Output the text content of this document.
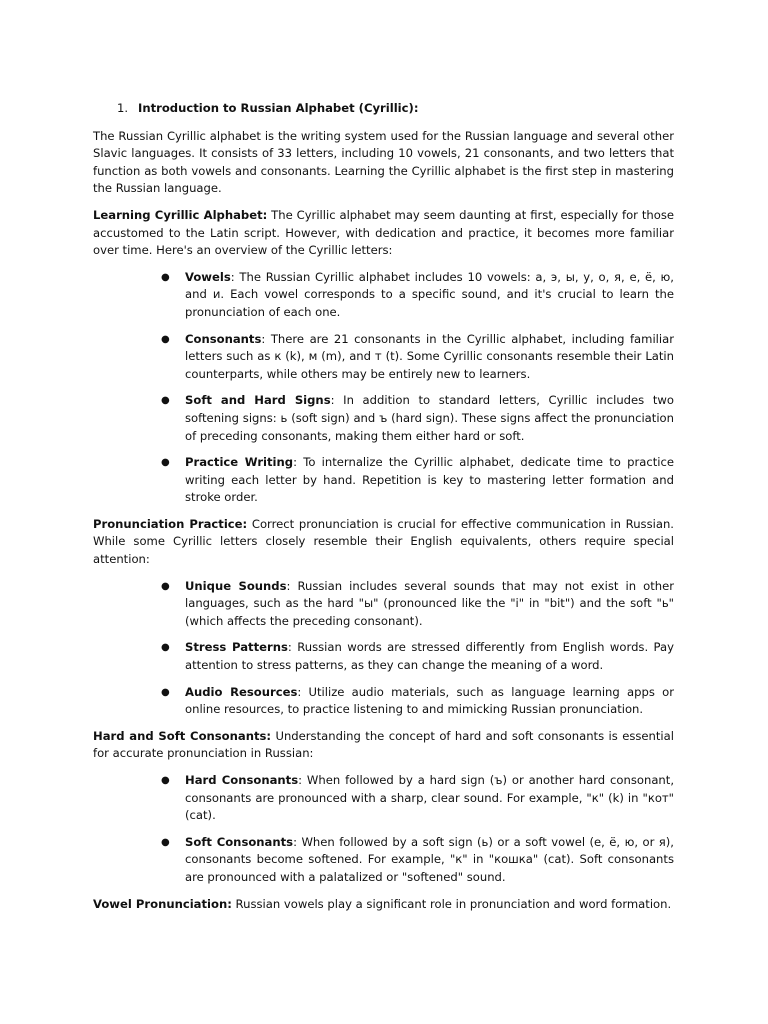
1. Introduction to Russian Alphabet (Cyrillic):

The Russian Cyrillic alphabet is the writing system used for the Russian language and several other Slavic languages. It consists of 33 letters, including 10 vowels, 21 consonants, and two letters that function as both vowels and consonants. Learning the Cyrillic alphabet is the first step in mastering the Russian language.

Learning Cyrillic Alphabet: The Cyrillic alphabet may seem daunting at first, especially for those accustomed to the Latin script. However, with dedication and practice, it becomes more familiar over time. Here's an overview of the Cyrillic letters:

● Vowels: The Russian Cyrillic alphabet includes 10 vowels: а, э, ы, у, о, я, е, ё, ю, and и. Each vowel corresponds to a specific sound, and it's crucial to learn the pronunciation of each one.
● Consonants: There are 21 consonants in the Cyrillic alphabet, including familiar letters such as к (k), м (m), and т (t). Some Cyrillic consonants resemble their Latin counterparts, while others may be entirely new to learners.
● Soft and Hard Signs: In addition to standard letters, Cyrillic includes two softening signs: ь (soft sign) and ъ (hard sign). These signs affect the pronunciation of preceding consonants, making them either hard or soft.
● Practice Writing: To internalize the Cyrillic alphabet, dedicate time to practice writing each letter by hand. Repetition is key to mastering letter formation and stroke order.

Pronunciation Practice: Correct pronunciation is crucial for effective communication in Russian. While some Cyrillic letters closely resemble their English equivalents, others require special attention:

● Unique Sounds: Russian includes several sounds that may not exist in other languages, such as the hard "ы" (pronounced like the "i" in "bit") and the soft "ь" (which affects the preceding consonant).
● Stress Patterns: Russian words are stressed differently from English words. Pay attention to stress patterns, as they can change the meaning of a word.
● Audio Resources: Utilize audio materials, such as language learning apps or online resources, to practice listening to and mimicking Russian pronunciation.

Hard and Soft Consonants: Understanding the concept of hard and soft consonants is essential for accurate pronunciation in Russian:

● Hard Consonants: When followed by a hard sign (ъ) or another hard consonant, consonants are pronounced with a sharp, clear sound. For example, "к" (k) in "кот" (cat).
● Soft Consonants: When followed by a soft sign (ь) or a soft vowel (е, ё, ю, or я), consonants become softened. For example, "к" in "кошка" (cat). Soft consonants are pronounced with a palatalized or "softened" sound.

Vowel Pronunciation: Russian vowels play a significant role in pronunciation and word formation.
